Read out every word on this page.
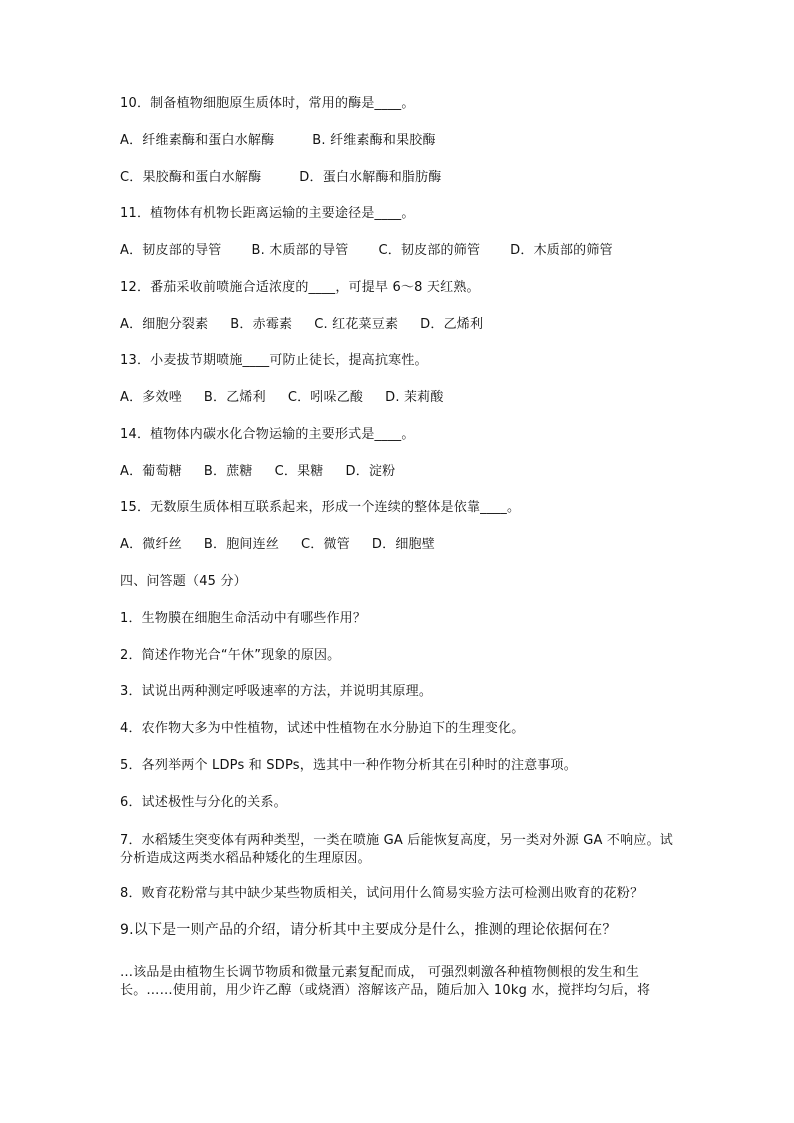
10．制备植物细胞原生质体时，常用的酶是____。
A．纤维素酶和蛋白水解酶	B. 纤维素酶和果胶酶
C．果胶酶和蛋白水解酶	D．蛋白水解酶和脂肪酶
11．植物体有机物长距离运输的主要途径是____。
A．韧皮部的导管 B. 木质部的导管 C．韧皮部的筛管 D．木质部的筛管
12．番茄采收前喷施合适浓度的____，可提早 6～8 天红熟。
A．细胞分裂素 B．赤霉素 C. 红花菜豆素 D．乙烯利
13．小麦拔节期喷施____可防止徒长，提高抗寒性。
A．多效唑 B．乙烯利 C．吲哚乙酸 D. 茉莉酸
14．植物体内碳水化合物运输的主要形式是____。
A．葡萄糖 B．蔗糖 C．果糖 D．淀粉
15．无数原生质体相互联系起来，形成一个连续的整体是依靠____。
A．微纤丝 B．胞间连丝 C．微管 D．细胞壁
四、问答题（45 分）
1．生物膜在细胞生命活动中有哪些作用？
2．简述作物光合“午休”现象的原因。
3．试说出两种测定呼吸速率的方法，并说明其原理。
4．农作物大多为中性植物，试述中性植物在水分胁迫下的生理变化。
5．各列举两个 LDPs 和 SDPs，选其中一种作物分析其在引种时的注意事项。
6．试述极性与分化的关系。
7．水稻矮生突变体有两种类型，一类在喷施 GA 后能恢复高度，另一类对外源 GA 不响应。试分析造成这两类水稻品种矮化的生理原因。
8．败育花粉常与其中缺少某些物质相关，试问用什么简易实验方法可检测出败育的花粉？
9.以下是一则产品的介绍，请分析其中主要成分是什么，推测的理论依据何在？
…该品是由植物生长调节物质和微量元素复配而成， 可强烈刺激各种植物侧根的发生和生长。……使用前，用少许乙醇（或烧酒）溶解该产品，随后加入 10kg 水，搅拌均匀后，将
